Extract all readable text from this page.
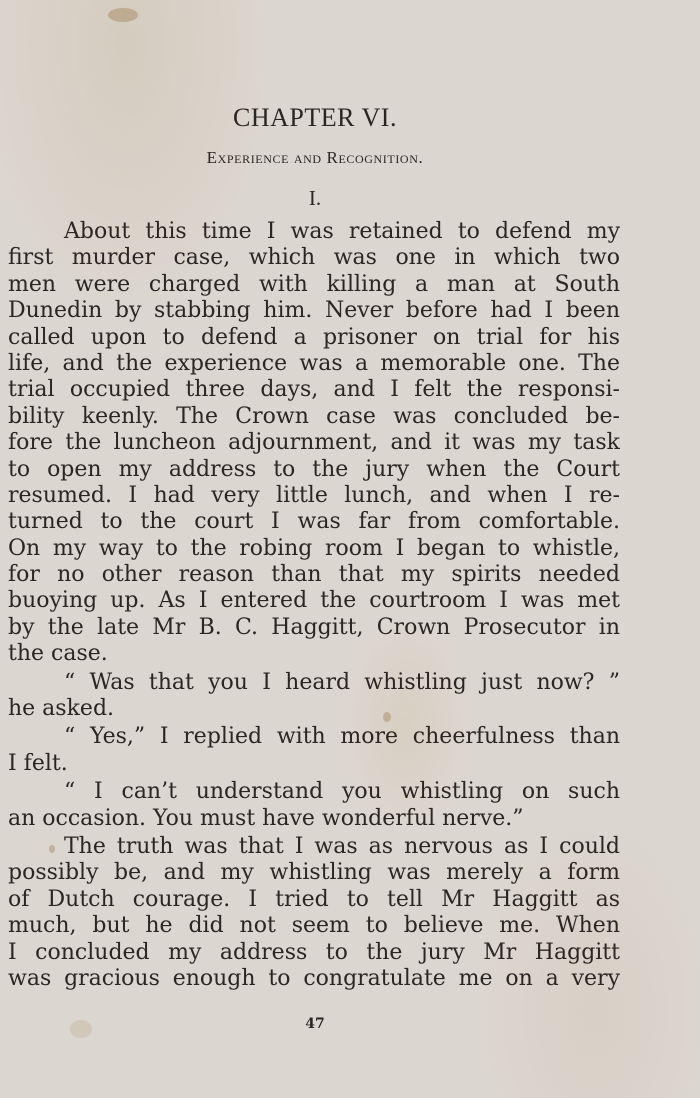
CHAPTER VI.
Experience and Recognition.
I.
About this time I was retained to defend my
first murder case, which was one in which two
men were charged with killing a man at South
Dunedin by stabbing him. Never before had I been
called upon to defend a prisoner on trial for his
life, and the experience was a memorable one. The
trial occupied three days, and I felt the responsi-
bility keenly. The Crown case was concluded be-
fore the luncheon adjournment, and it was my task
to open my address to the jury when the Court
resumed. I had very little lunch, and when I re-
turned to the court I was far from comfortable.
On my way to the robing room I began to whistle,
for no other reason than that my spirits needed
buoying up. As I entered the courtroom I was met
by the late Mr B. C. Haggitt, Crown Prosecutor in
the case.
“ Was that you I heard whistling just now? ”
he asked.
“ Yes,” I replied with more cheerfulness than
I felt.
“ I can’t understand you whistling on such
an occasion. You must have wonderful nerve.”
The truth was that I was as nervous as I could
possibly be, and my whistling was merely a form
of Dutch courage. I tried to tell Mr Haggitt as
much, but he did not seem to believe me. When
I concluded my address to the jury Mr Haggitt
was gracious enough to congratulate me on a very
47
